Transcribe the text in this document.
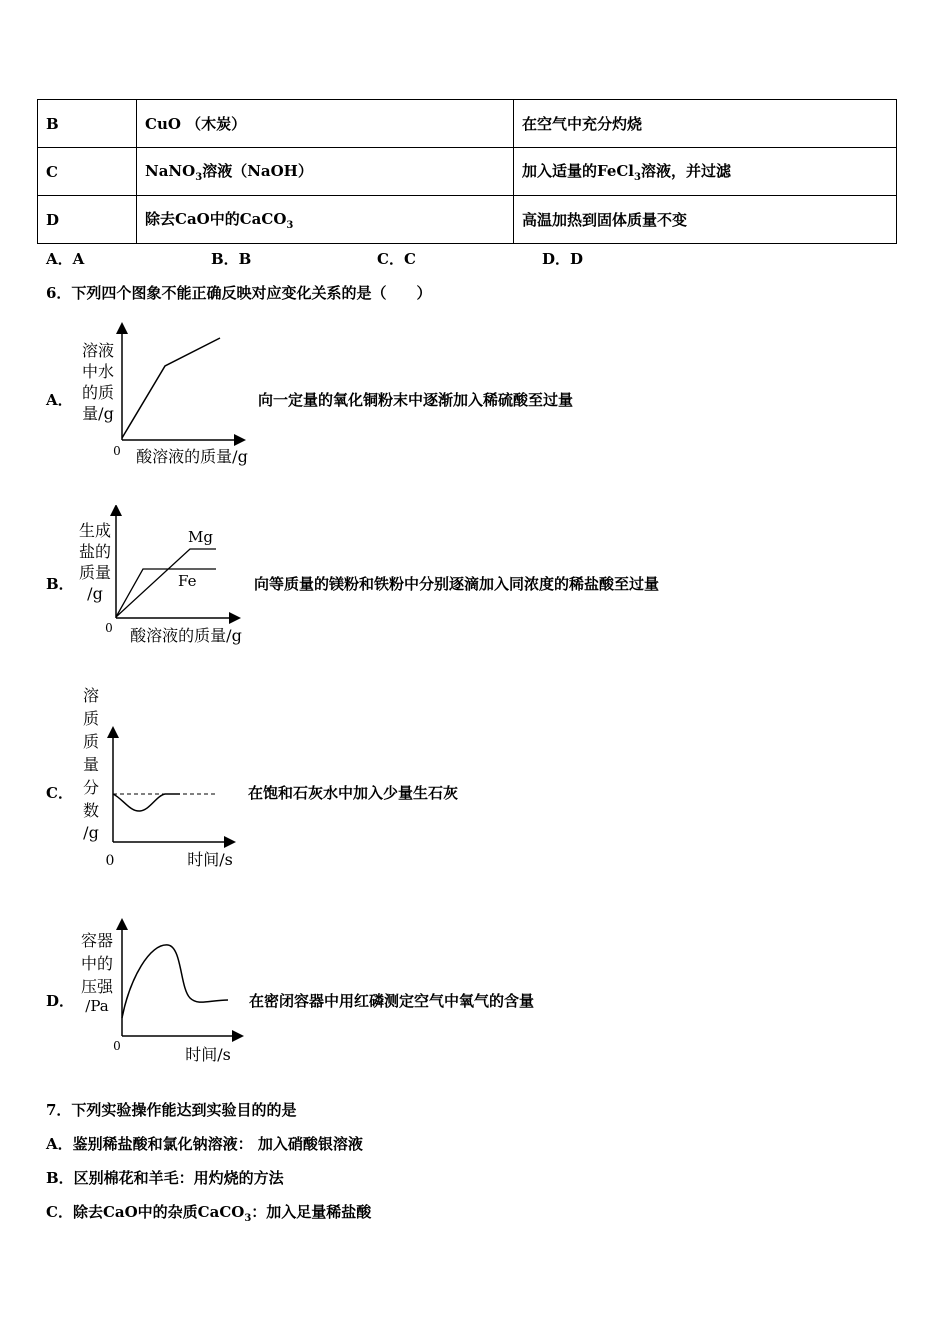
B	CuO （木炭）	在空气中充分灼烧
C	NaNO$_3$溶液（NaOH）	加入适量的FeCl$_3$溶液，并过滤
D	除去CaO中的CaCO$_3$	高温加热到固体质量不变
A．A	B．B	C．C	D．D
6．下列四个图象不能正确反映对应变化关系的是（　　）
A．
溶液
中水
的质
量/g
0 酸溶液的质量/g
向一定量的氧化铜粉末中逐渐加入稀硫酸至过量
B．
生成
盐的
质量
/g
Mg
Fe
0 酸溶液的质量/g
向等质量的镁粉和铁粉中分别逐滴加入同浓度的稀盐酸至过量
C．
溶
质
质
量
分
数
/g
0	时间/s
在饱和石灰水中加入少量生石灰
D．
容器
中的
压强
/Pa
0	时间/s
在密闭容器中用红磷测定空气中氧气的含量
7．下列实验操作能达到实验目的的是
A．鉴别稀盐酸和氯化钠溶液： 加入硝酸银溶液
B．区别棉花和羊毛：用灼烧的方法
C．除去CaO中的杂质CaCO$_3$：加入足量稀盐酸
